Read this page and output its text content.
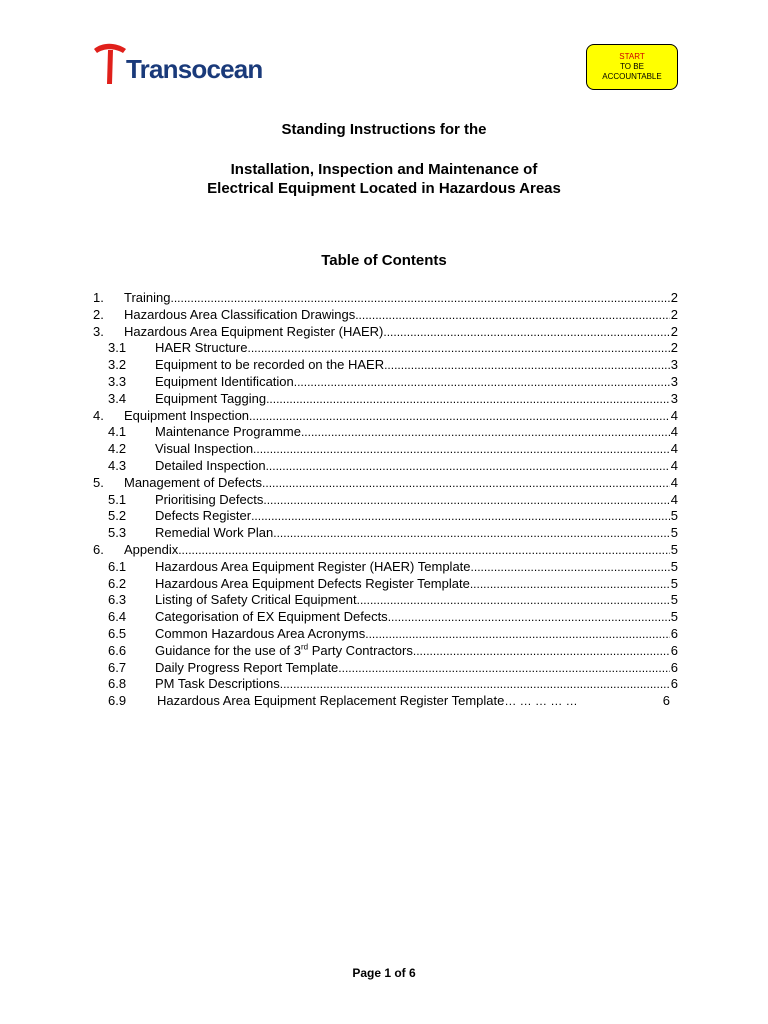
Transocean	START
TO BE
ACCOUNTABLE
Standing Instructions for the
Installation, Inspection and Maintenance of
Electrical Equipment Located in Hazardous Areas
Table of Contents
1.	Training .....	2
2.	Hazardous Area Classification Drawings .....	2
3.	Hazardous Area Equipment Register (HAER) .....	2
3.1	HAER Structure .....	2
3.2	Equipment to be recorded on the HAER .....	3
3.3	Equipment Identification .....	3
3.4	Equipment Tagging .....	3
4.	Equipment Inspection .....	4
4.1	Maintenance Programme .....	4
4.2	Visual Inspection .....	4
4.3	Detailed Inspection .....	4
5.	Management of Defects .....	4
5.1	Prioritising Defects .....	4
5.2	Defects Register .....	5
5.3	Remedial Work Plan .....	5
6.	Appendix .....	5
6.1	Hazardous Area Equipment Register (HAER) Template .....	5
6.2	Hazardous Area Equipment Defects Register Template .....	5
6.3	Listing of Safety Critical Equipment .....	5
6.4	Categorisation of EX Equipment Defects .....	5
6.5	Common Hazardous Area Acronyms .....	6
6.6	Guidance for the use of 3rd Party Contractors .....	6
6.7	Daily Progress Report Template .....	6
6.8	PM Task Descriptions .....	6
6.9	Hazardous Area Equipment Replacement Register Template … … … … …	6
Page 1 of 6
